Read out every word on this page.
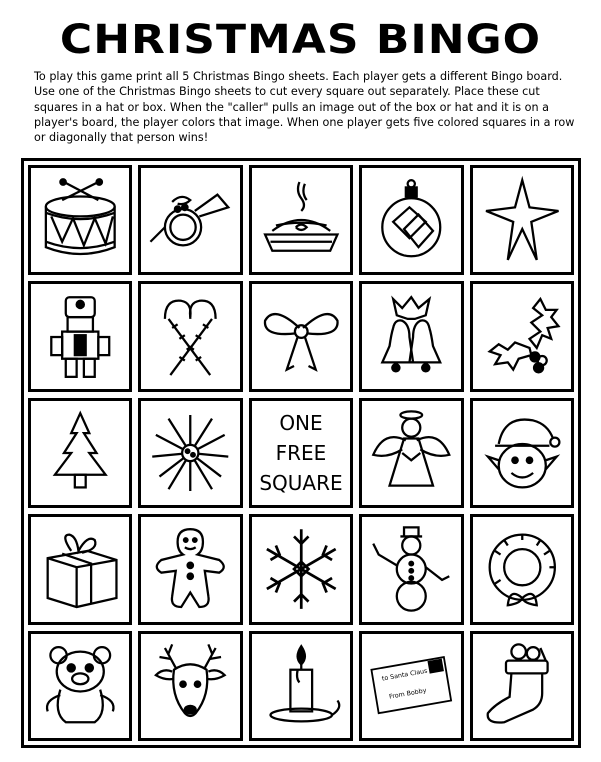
CHRISTMAS BINGO

To play this game print all 5 Christmas Bingo sheets. Each player gets a different Bingo board. Use one of the Christmas Bingo sheets to cut every square out separately. Place these cut squares in a hat or box. When the "caller" pulls an image out of the box or hat and it is on a player's board, the player colors that image. When one player gets five colored squares in a row or diagonally that person wins!

ONE
FREE
SQUARE
to Santa Claus
From Bobby
